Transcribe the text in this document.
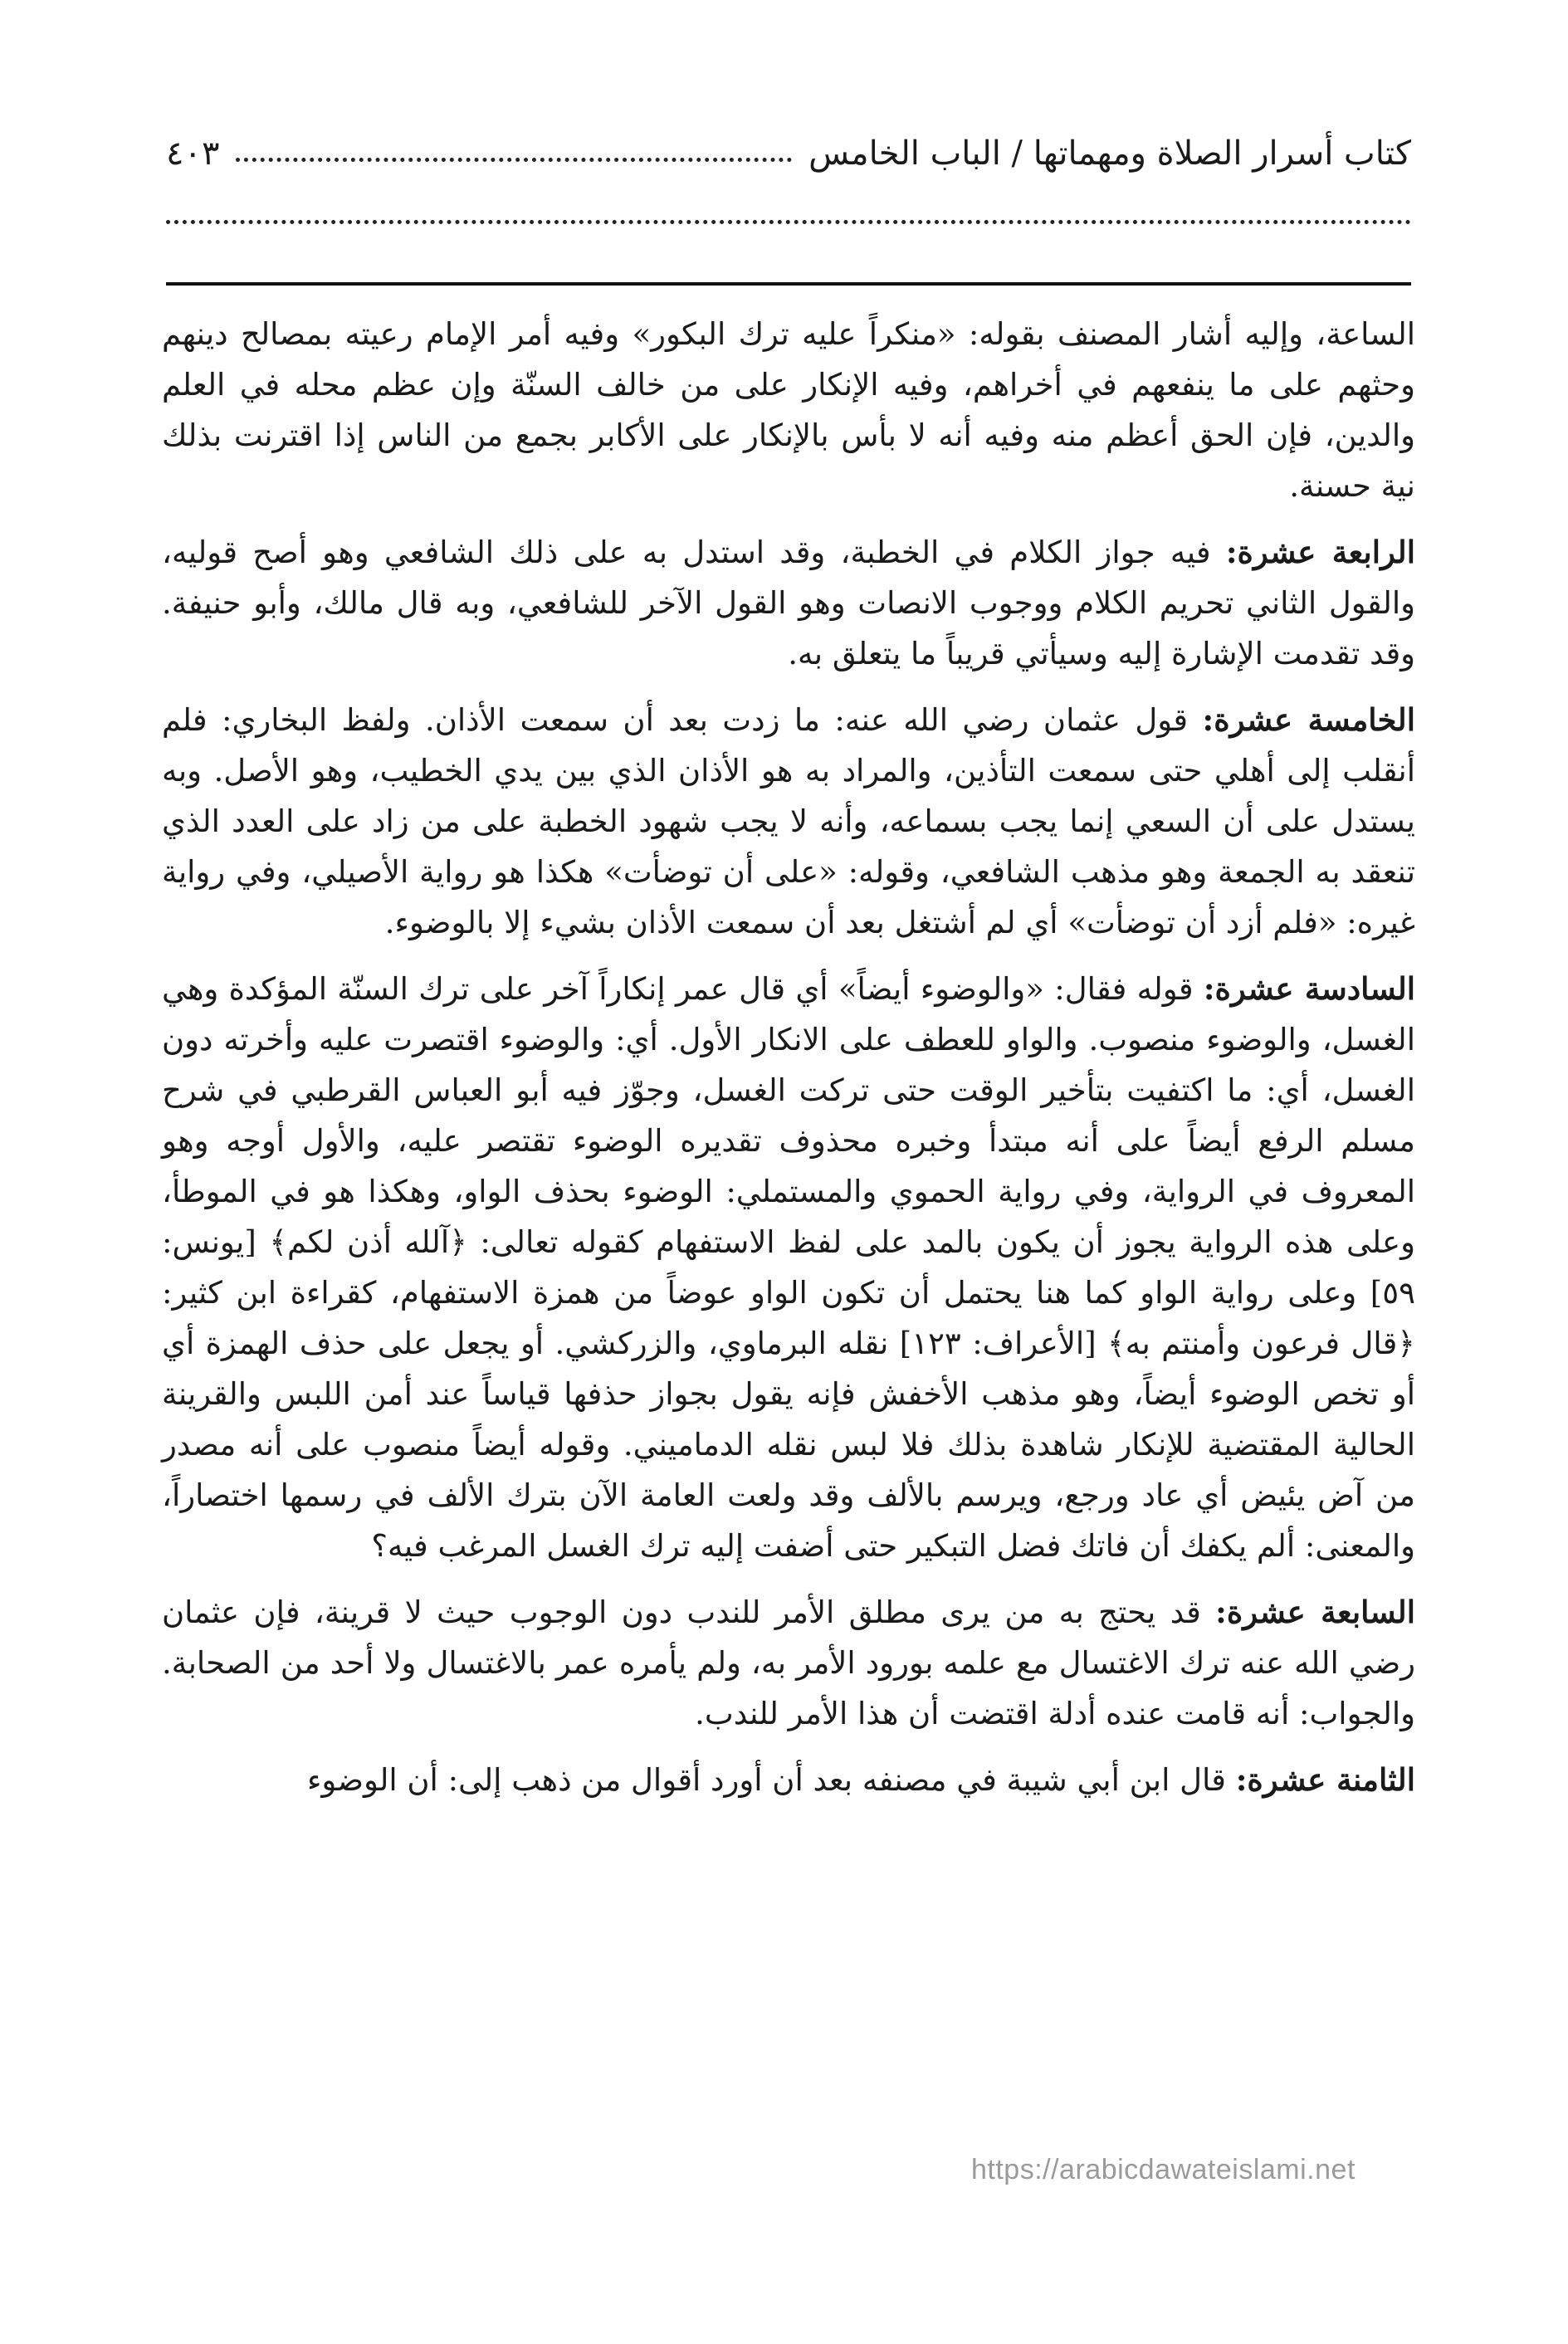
كتاب أسرار الصلاة ومهماتها / الباب الخامس
٤٠٣

الساعة، وإليه أشار المصنف بقوله: «منكراً عليه ترك البكور» وفيه أمر الإمام رعيته بمصالح دينهم وحثهم على ما ينفعهم في أخراهم، وفيه الإنكار على من خالف السنّة وإن عظم محله في العلم والدين، فإن الحق أعظم منه وفيه أنه لا بأس بالإنكار على الأكابر بجمع من الناس إذا اقترنت بذلك نية حسنة.

الرابعة عشرة: فيه جواز الكلام في الخطبة، وقد استدل به على ذلك الشافعي وهو أصح قوليه، والقول الثاني تحريم الكلام ووجوب الانصات وهو القول الآخر للشافعي، وبه قال مالك، وأبو حنيفة. وقد تقدمت الإشارة إليه وسيأتي قريباً ما يتعلق به.

الخامسة عشرة: قول عثمان رضي الله عنه: ما زدت بعد أن سمعت الأذان. ولفظ البخاري: فلم أنقلب إلى أهلي حتى سمعت التأذين، والمراد به هو الأذان الذي بين يدي الخطيب، وهو الأصل. وبه يستدل على أن السعي إنما يجب بسماعه، وأنه لا يجب شهود الخطبة على من زاد على العدد الذي تنعقد به الجمعة وهو مذهب الشافعي، وقوله: «على أن توضأت» هكذا هو رواية الأصيلي، وفي رواية غيره: «فلم أزد أن توضأت» أي لم أشتغل بعد أن سمعت الأذان بشيء إلا بالوضوء.

السادسة عشرة: قوله فقال: «والوضوء أيضاً» أي قال عمر إنكاراً آخر على ترك السنّة المؤكدة وهي الغسل، والوضوء منصوب. والواو للعطف على الانكار الأول. أي: والوضوء اقتصرت عليه وأخرته دون الغسل، أي: ما اكتفيت بتأخير الوقت حتى تركت الغسل، وجوّز فيه أبو العباس القرطبي في شرح مسلم الرفع أيضاً على أنه مبتدأ وخبره محذوف تقديره الوضوء تقتصر عليه، والأول أوجه وهو المعروف في الرواية، وفي رواية الحموي والمستملي: الوضوء بحذف الواو، وهكذا هو في الموطأ، وعلى هذه الرواية يجوز أن يكون بالمد على لفظ الاستفهام كقوله تعالى: ﴿آلله أذن لكم﴾ [يونس: ٥٩] وعلى رواية الواو كما هنا يحتمل أن تكون الواو عوضاً من همزة الاستفهام، كقراءة ابن كثير: ﴿قال فرعون وأمنتم به﴾ [الأعراف: ١٢٣] نقله البرماوي، والزركشي. أو يجعل على حذف الهمزة أي أو تخص الوضوء أيضاً، وهو مذهب الأخفش فإنه يقول بجواز حذفها قياساً عند أمن اللبس والقرينة الحالية المقتضية للإنكار شاهدة بذلك فلا لبس نقله الدماميني. وقوله أيضاً منصوب على أنه مصدر من آض يئيض أي عاد ورجع، ويرسم بالألف وقد ولعت العامة الآن بترك الألف في رسمها اختصاراً، والمعنى: ألم يكفك أن فاتك فضل التبكير حتى أضفت إليه ترك الغسل المرغب فيه؟

السابعة عشرة: قد يحتج به من يرى مطلق الأمر للندب دون الوجوب حيث لا قرينة، فإن عثمان رضي الله عنه ترك الاغتسال مع علمه بورود الأمر به، ولم يأمره عمر بالاغتسال ولا أحد من الصحابة. والجواب: أنه قامت عنده أدلة اقتضت أن هذا الأمر للندب.

الثامنة عشرة: قال ابن أبي شيبة في مصنفه بعد أن أورد أقوال من ذهب إلى: أن الوضوء

https://arabicdawateislami.net
